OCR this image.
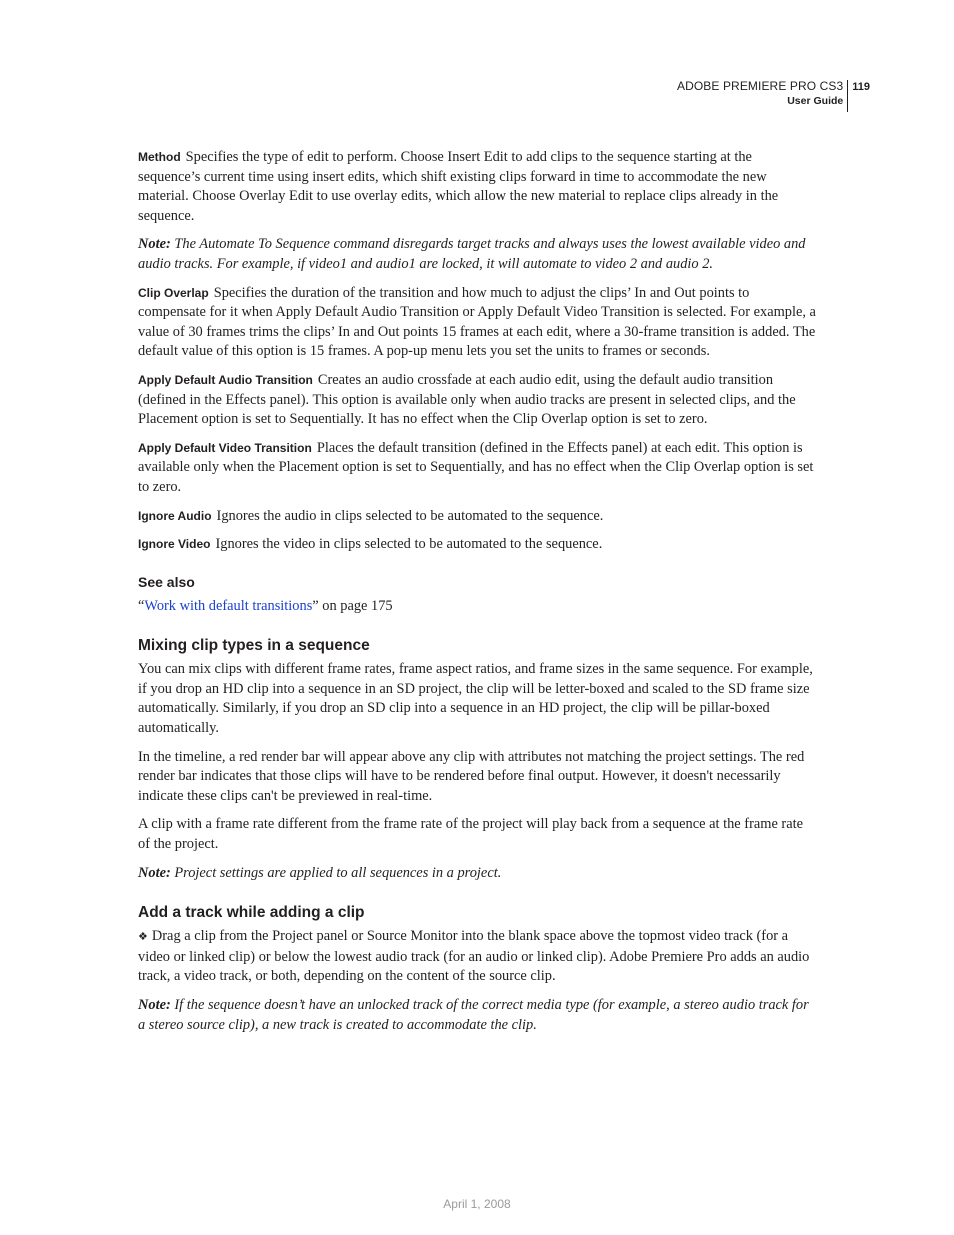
ADOBE PREMIERE PRO CS3
User Guide
119

Method Specifies the type of edit to perform. Choose Insert Edit to add clips to the sequence starting at the sequence’s current time using insert edits, which shift existing clips forward in time to accommodate the new material. Choose Overlay Edit to use overlay edits, which allow the new material to replace clips already in the sequence.

Note: The Automate To Sequence command disregards target tracks and always uses the lowest available video and audio tracks. For example, if video1 and audio1 are locked, it will automate to video 2 and audio 2.

Clip Overlap Specifies the duration of the transition and how much to adjust the clips’ In and Out points to compensate for it when Apply Default Audio Transition or Apply Default Video Transition is selected. For example, a value of 30 frames trims the clips’ In and Out points 15 frames at each edit, where a 30-frame transition is added. The default value of this option is 15 frames. A pop-up menu lets you set the units to frames or seconds.

Apply Default Audio Transition Creates an audio crossfade at each audio edit, using the default audio transition (defined in the Effects panel). This option is available only when audio tracks are present in selected clips, and the Placement option is set to Sequentially. It has no effect when the Clip Overlap option is set to zero.

Apply Default Video Transition Places the default transition (defined in the Effects panel) at each edit. This option is available only when the Placement option is set to Sequentially, and has no effect when the Clip Overlap option is set to zero.

Ignore Audio Ignores the audio in clips selected to be automated to the sequence.

Ignore Video Ignores the video in clips selected to be automated to the sequence.

See also

“Work with default transitions” on page 175

Mixing clip types in a sequence

You can mix clips with different frame rates, frame aspect ratios, and frame sizes in the same sequence. For example, if you drop an HD clip into a sequence in an SD project, the clip will be letter-boxed and scaled to the SD frame size automatically. Similarly, if you drop an SD clip into a sequence in an HD project, the clip will be pillar-boxed automatically.

In the timeline, a red render bar will appear above any clip with attributes not matching the project settings. The red render bar indicates that those clips will have to be rendered before final output. However, it doesn't necessarily indicate these clips can't be previewed in real-time.

A clip with a frame rate different from the frame rate of the project will play back from a sequence at the frame rate of the project.

Note: Project settings are applied to all sequences in a project.

Add a track while adding a clip

❖ Drag a clip from the Project panel or Source Monitor into the blank space above the topmost video track (for a video or linked clip) or below the lowest audio track (for an audio or linked clip). Adobe Premiere Pro adds an audio track, a video track, or both, depending on the content of the source clip.

Note: If the sequence doesn’t have an unlocked track of the correct media type (for example, a stereo audio track for a stereo source clip), a new track is created to accommodate the clip.

April 1, 2008
